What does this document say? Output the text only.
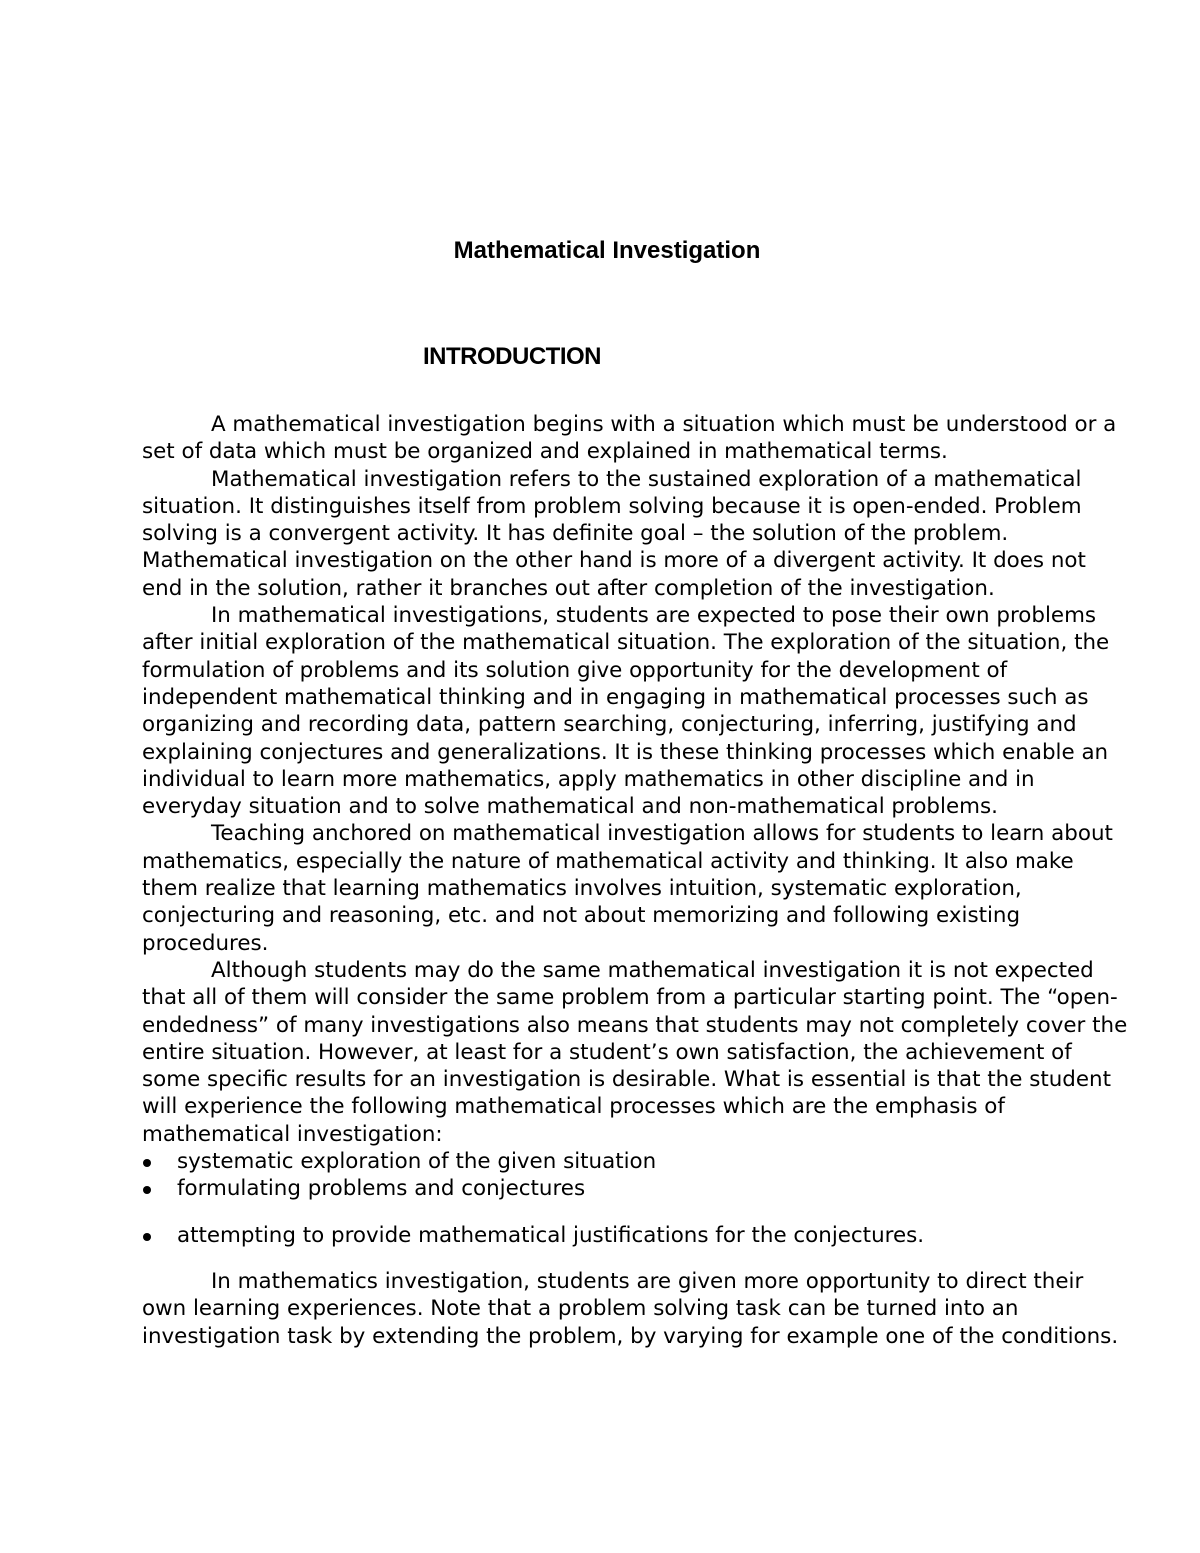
Mathematical Investigation
INTRODUCTION

A mathematical investigation begins with a situation which must be understood or a set of data which must be organized and explained in mathematical terms.

Mathematical investigation refers to the sustained exploration of a mathematical situation. It distinguishes itself from problem solving because it is open-ended. Problem solving is a convergent activity. It has definite goal – the solution of the problem. Mathematical investigation on the other hand is more of a divergent activity. It does not end in the solution, rather it branches out after completion of the investigation.

In mathematical investigations, students are expected to pose their own problems after initial exploration of the mathematical situation. The exploration of the situation, the formulation of problems and its solution give opportunity for the development of independent mathematical thinking and in engaging in mathematical processes such as organizing and recording data, pattern searching, conjecturing, inferring, justifying and explaining conjectures and generalizations. It is these thinking processes which enable an individual to learn more mathematics, apply mathematics in other discipline and in everyday situation and to solve mathematical and non-mathematical problems.

Teaching anchored on mathematical investigation allows for students to learn about mathematics, especially the nature of mathematical activity and thinking. It also make them realize that learning mathematics involves intuition, systematic exploration, conjecturing and reasoning, etc. and not about memorizing and following existing procedures.

Although students may do the same mathematical investigation it is not expected that all of them will consider the same problem from a particular starting point. The “open-endedness” of many investigations also means that students may not completely cover the entire situation. However, at least for a student’s own satisfaction, the achievement of some specific results for an investigation is desirable. What is essential is that the student will experience the following mathematical processes which are the emphasis of mathematical investigation:

systematic exploration of the given situation
formulating problems and conjectures
attempting to provide mathematical justifications for the conjectures.

In mathematics investigation, students are given more opportunity to direct their own learning experiences. Note that a problem solving task can be turned into an investigation task by extending the problem, by varying for example one of the conditions.
